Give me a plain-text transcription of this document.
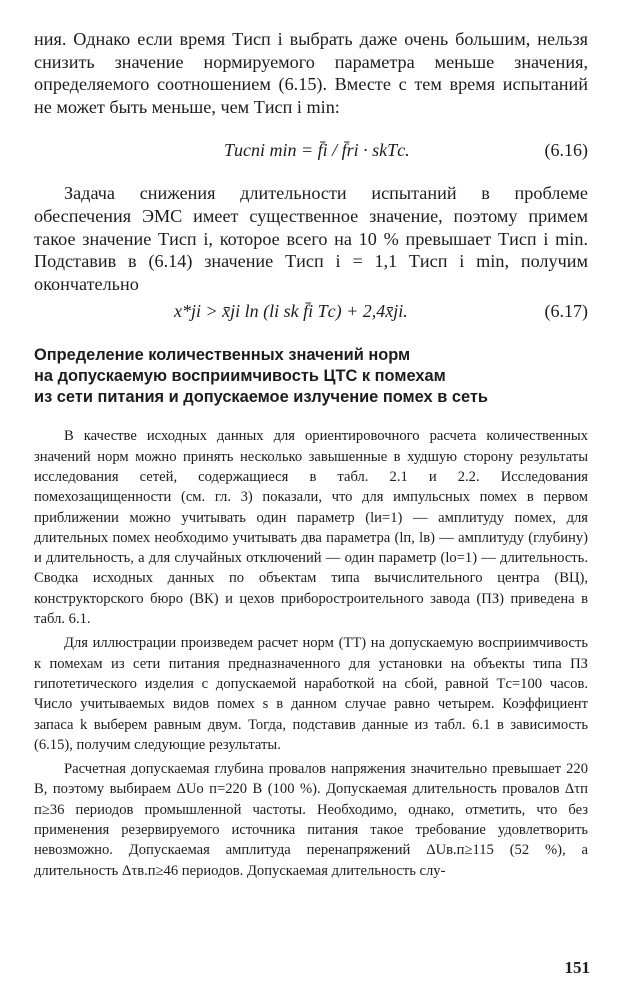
ния. Однако если время Tисп i выбрать даже очень большим, нельзя снизить значение нормируемого параметра меньше значения, определяемого соотношением (6.15). Вместе с тем время испытаний не может быть меньше, чем Tисп i min:

Tиспi min = f̄i / f̄ri · skTс.	(6.16)

Задача снижения длительности испытаний в проблеме обеспечения ЭМС имеет существенное значение, поэтому примем такое значение Tисп i, которое всего на 10 % превышает Tисп i min. Подставив в (6.14) значение Tисп i = 1,1 Tисп i min, получим окончательно

x*ji > x̄ji ln (li sk f̄i Tс) + 2,4x̄ji.	(6.17)
Определение количественных значений норм
на допускаемую восприимчивость ЦТС к помехам
из сети питания и допускаемое излучение помех в сеть

В качестве исходных данных для ориентировочного расчета количественных значений норм можно принять несколько завышенные в худшую сторону результаты исследования сетей, содержащиеся в табл. 2.1 и 2.2. Исследования помехозащищенности (см. гл. 3) показали, что для импульсных помех в первом приближении можно учитывать один параметр (lи=1) — амплитуду помех, для длительных помех необходимо учитывать два параметра (lп, lв) — амплитуду (глубину) и длительность, а для случайных отключений — один параметр (lо=1) — длительность. Сводка исходных данных по объектам типа вычислительного центра (ВЦ), конструкторского бюро (ВК) и цехов приборостроительного завода (ПЗ) приведена в табл. 6.1.

Для иллюстрации произведем расчет норм (ТТ) на допускаемую восприимчивость к помехам из сети питания предназначенного для установки на объекты типа ПЗ гипотетического изделия с допускаемой наработкой на сбой, равной Tс=100 часов. Число учитываемых видов помех s в данном случае равно четырем. Коэффициент запаса k выберем равным двум. Тогда, подставив данные из табл. 6.1 в зависимость (6.15), получим следующие результаты.

Расчетная допускаемая глубина провалов напряжения значительно превышает 220 В, поэтому выбираем ΔUо п=220 В (100 %). Допускаемая длительность провалов Δτп п≥36 периодов промышленной частоты. Необходимо, однако, отметить, что без применения резервируемого источника питания такое требование удовлетворить невозможно. Допускаемая амплитуда перенапряжений ΔUв.п≥115 (52 %), а длительность Δτв.п≥46 периодов. Допускаемая длительность слу-

151
